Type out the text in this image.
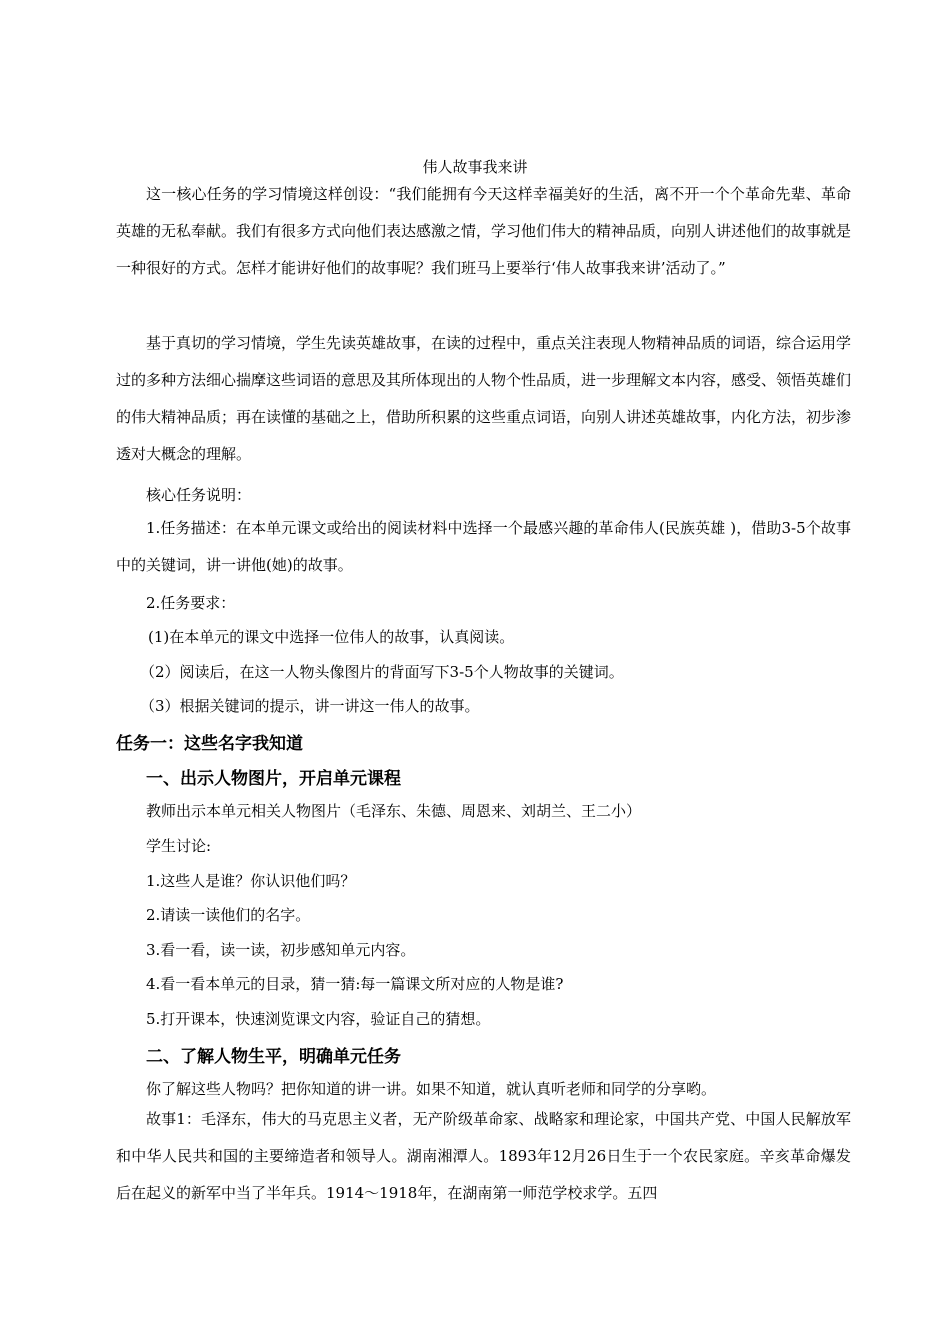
伟人故事我来讲

这一核心任务的学习情境这样创设：“我们能拥有今天这样幸福美好的生活，离不开一个个革命先辈、革命英雄的无私奉献。我们有很多方式向他们表达感激之情，学习他们伟大的精神品质，向别人讲述他们的故事就是一种很好的方式。怎样才能讲好他们的故事呢？我们班马上要举行‘伟人故事我来讲’活动了。”

基于真切的学习情境，学生先读英雄故事，在读的过程中，重点关注表现人物精神品质的词语，综合运用学过的多种方法细心揣摩这些词语的意思及其所体现出的人物个性品质，进一步理解文本内容，感受、领悟英雄们的伟大精神品质；再在读懂的基础之上，借助所积累的这些重点词语，向别人讲述英雄故事，内化方法，初步渗透对大概念的理解。

核心任务说明：

1.任务描述：在本单元课文或给出的阅读材料中选择一个最感兴趣的革命伟人(民族英雄 )，借助3-5个故事中的关键词，讲一讲他(她)的故事。

2.任务要求：

(1)在本单元的课文中选择一位伟人的故事，认真阅读。

（2）阅读后，在这一人物头像图片的背面写下3-5个人物故事的关键词。

（3）根据关键词的提示，讲一讲这一伟人的故事。

任务一：这些名字我知道

一、出示人物图片，开启单元课程

教师出示本单元相关人物图片（毛泽东、朱德、周恩来、刘胡兰、王二小）

学生讨论:

1.这些人是谁？你认识他们吗？

2.请读一读他们的名字。

3.看一看，读一读，初步感知单元内容。

4.看一看本单元的目录，猜一猜:每一篇课文所对应的人物是谁?

5.打开课本，快速浏览课文内容，验证自己的猜想。

二、了解人物生平，明确单元任务

你了解这些人物吗？把你知道的讲一讲。如果不知道，就认真听老师和同学的分享哟。

故事1：毛泽东，伟大的马克思主义者，无产阶级革命家、战略家和理论家，中国共产党、中国人民解放军和中华人民共和国的主要缔造者和领导人。湖南湘潭人。1893年12月26日生于一个农民家庭。辛亥革命爆发后在起义的新军中当了半年兵。1914～1918年，在湖南第一师范学校求学。五四
